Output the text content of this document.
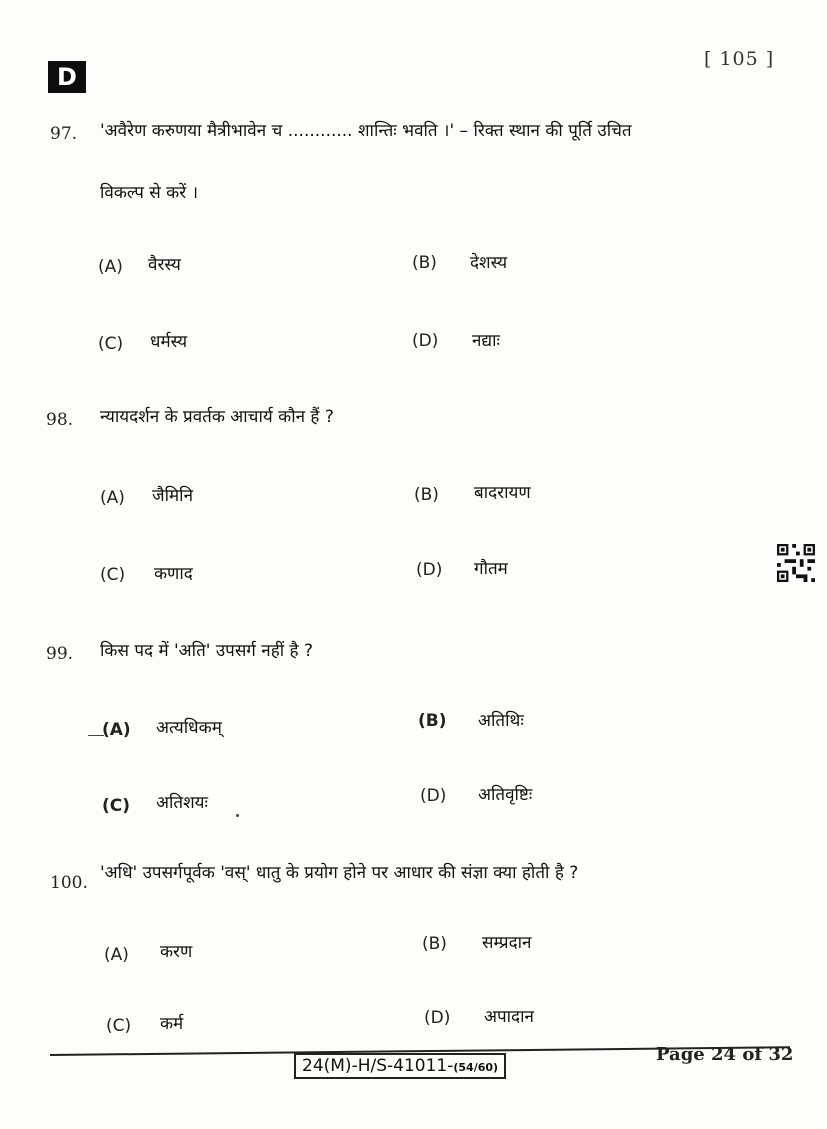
D
[ 105 ]
97. 'अवैरेण करुणया मैत्रीभावेन च ............ शान्तिः भवति ।' – रिक्त स्थान की पूर्ति उचित
विकल्प से करें ।
(A) वैरस्य	(B) देशस्य
(C) धर्मस्य	(D) नद्याः
98. न्यायदर्शन के प्रवर्तक आचार्य कौन हैं ?
(A) जैमिनि	(B) बादरायण
(C) कणाद	(D) गौतम
99. किस पद में 'अति' उपसर्ग नहीं है ?
(A) अत्यधिकम्	(B) अतिथिः
(C) अतिशयः	(D) अतिवृष्टिः
100. 'अधि' उपसर्गपूर्वक 'वस्' धातु के प्रयोग होने पर आधार की संज्ञा क्या होती है ?
(A) करण	(B) सम्प्रदान
(C) कर्म	(D) अपादान
24(M)-H/S-41011-(54/60)
Page 24 of 32
